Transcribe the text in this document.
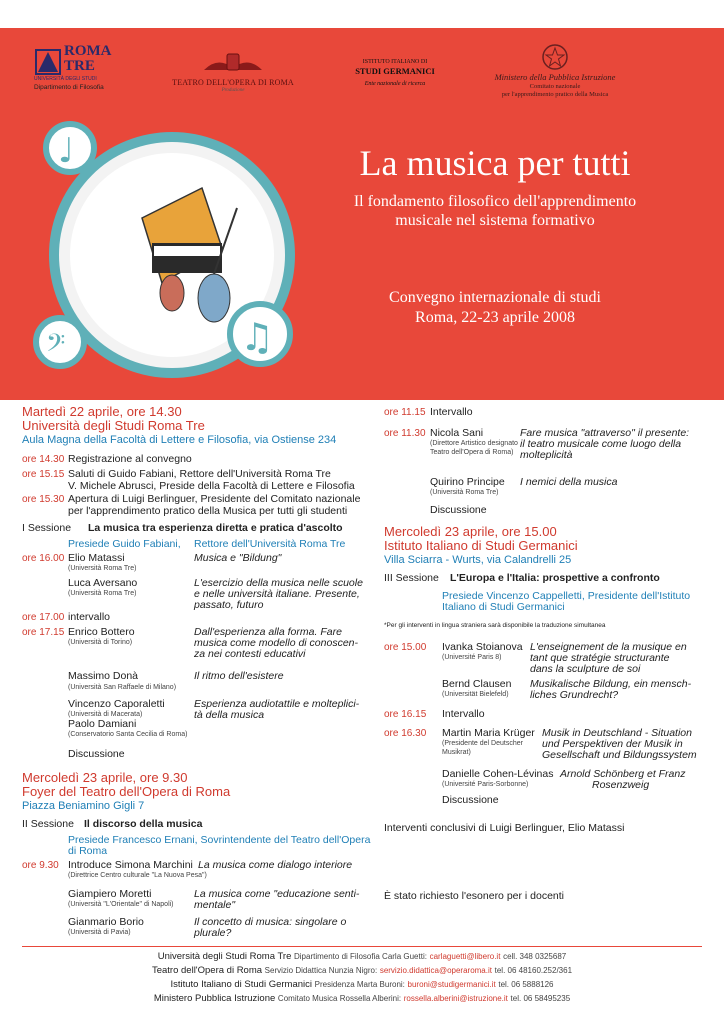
ROMA
TRE
UNIVERSITÀ DEGLI STUDI
Dipartimento di Filosofia
TEATRO DELL'OPERA DI ROMA
Produzione
ISTITUTO ITALIANO DI
STUDI GERMANICI
Ente nazionale di ricerca
Ministero della Pubblica Istruzione
Comitato nazionale
per l'apprendimento pratico della Musica
♩
𝄢	♫
La musica per tutti
Il fondamento filosofico dell'apprendimento
musicale nel sistema formativo
Convegno internazionale di studi
Roma, 22-23 aprile 2008
Martedì 22 aprile, ore 14.30
Università degli Studi Roma Tre
Aula Magna della Facoltà di Lettere e Filosofia, via Ostiense 234
ore 14.30 Registrazione al convegno
ore 15.15 Saluti di Guido Fabiani, Rettore dell'Università Roma Tre
V. Michele Abrusci, Preside della Facoltà di Lettere e Filosofia
ore 15.30 Apertura di Luigi Berlinguer, Presidente del Comitato nazionale
per l'apprendimento pratico della Musica per tutti gli studenti
I Sessione La musica tra esperienza diretta e pratica d'ascolto
Presiede Guido Fabiani, Rettore dell'Università Roma Tre
ore 16.00 Elio Matassi
(Università Roma Tre)
Musica e "Bildung"
Luca Aversano
(Università Roma Tre)
L'esercizio della musica nelle scuole
e nelle università italiane. Presente,
passato, futuro
ore 17.00 intervallo
ore 17.15 Enrico Bottero
(Università di Torino)
Dall'esperienza alla forma. Fare
musica come modello di conoscen-
za nei contesti educativi
Massimo Donà
(Università San Raffaele di Milano)
Il ritmo dell'esistere
Vincenzo Caporaletti
(Università di Macerata)
Paolo Damiani
(Conservatorio Santa Cecilia di Roma)
Esperienza audiotattile e molteplici-
tà della musica
Discussione
Mercoledì 23 aprile, ore 9.30
Foyer del Teatro dell'Opera di Roma
Piazza Beniamino Gigli 7
II Sessione Il discorso della musica
Presiede Francesco Ernani, Sovrintendente del Teatro dell'Opera
di Roma
ore 9.30 Introduce Simona Marchini La musica come dialogo interiore
(Direttrice Centro culturale "La Nuova Pesa")
Giampiero Moretti
(Università "L'Orientale" di Napoli)
La musica come "educazione senti-
mentale"
Gianmario Borio
(Università di Pavia)
Il concetto di musica: singolare o
plurale?
ore 11.15 Intervallo
ore 11.30 Nicola Sani
(Direttore Artistico designato
Teatro dell'Opera di Roma)
Fare musica "attraverso" il presente:
il teatro musicale come luogo della
molteplicità
Quirino Principe
(Università Roma Tre)
I nemici della musica
Discussione
Mercoledì 23 aprile, ore 15.00
Istituto Italiano di Studi Germanici
Villa Sciarra - Wurts, via Calandrelli 25
III Sessione L'Europa e l'Italia: prospettive a confronto
Presiede Vincenzo Cappelletti, Presidente dell'Istituto
Italiano di Studi Germanici
*Per gli interventi in lingua straniera sarà disponibile la traduzione simultanea
ore 15.00 Ivanka Stoianova
(Université Paris 8)
L'enseignement de la musique en
tant que stratégie structurante
dans la sculpture de soi
Bernd Clausen
(Universität Bielefeld)
Musikalische Bildung, ein mensch-
liches Grundrecht?
ore 16.15 Intervallo
ore 16.30 Martin Maria Krüger
(Presidente del Deutscher
Musikrat)
Musik in Deutschland - Situation
und Perspektiven der Musik in
Gesellschaft und Bildungssystem
Danielle Cohen-Lévinas
(Université Paris-Sorbonne)
Arnold Schönberg et Franz
Rosenzweig
Discussione
Interventi conclusivi di Luigi Berlinguer, Elio Matassi
È stato richiesto l'esonero per i docenti
Università degli Studi Roma Tre Dipartimento di Filosofia Carla Guetti: carlaguetti@libero.it cell. 348 0325687
Teatro dell'Opera di Roma Servizio Didattica Nunzia Nigro: servizio.didattica@operaroma.it tel. 06 48160.252/361
Istituto Italiano di Studi Germanici Presidenza Marta Buroni: buroni@studigermanici.it tel. 06 5888126
Ministero Pubblica Istruzione Comitato Musica Rossella Alberini: rossella.alberini@istruzione.it tel. 06 58495235
